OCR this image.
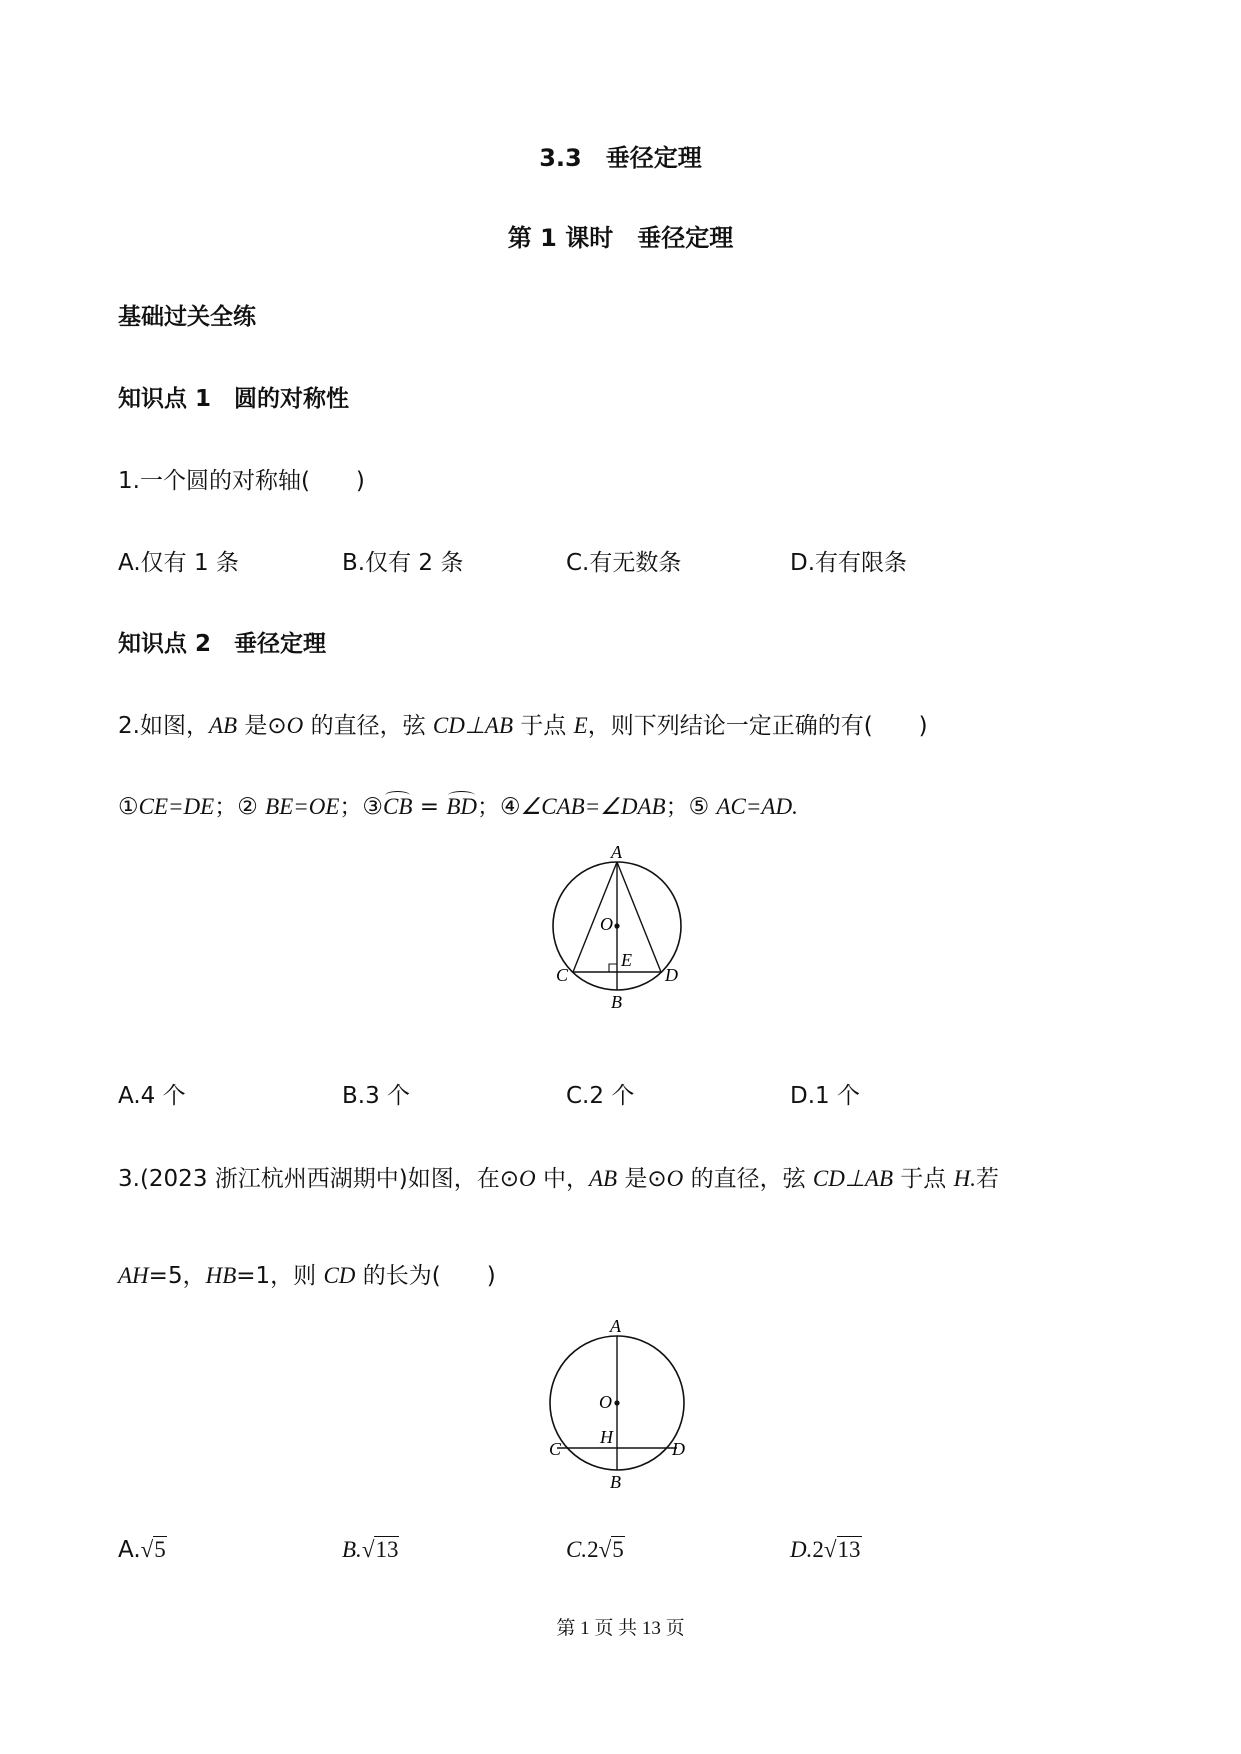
3.3　垂径定理
第 1 课时　垂径定理
基础过关全练
知识点 1　圆的对称性
1.一个圆的对称轴(　　)
A.仅有 1 条	B.仅有 2 条	C.有无数条	D.有有限条
知识点 2　垂径定理
2.如图，AB 是⊙O 的直径，弦 CD⊥AB 于点 E，则下列结论一定正确的有(　　)
①CE=DE；② BE=OE；③CB = BD；④∠CAB=∠DAB；⑤ AC=AD.
A
O
E
C	D
B
A.4 个	B.3 个	C.2 个	D.1 个
3.(2023 浙江杭州西湖期中)如图，在⊙O 中，AB 是⊙O 的直径，弦 CD⊥AB 于点 H.若
AH=5，HB=1，则 CD 的长为(　　)
A
O
H
C	D
B
A.√5	B.√13	C.2√5	D.2√13
第 1 页 共 13 页
